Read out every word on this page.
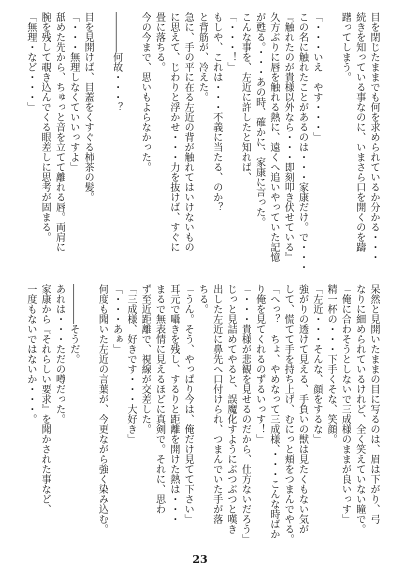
目を閉じたままでも何を求められているか分かる・・・
続きを知っている事なのに、いまさら口を開くのを躊
躇ってしまう。
「・・・いえ　やす・・・」
この名に触れたことがあるのは・・・家康だけ。で・・・
『触れたのが貴様以外なら・・・即刻叩き伏せている』
久方ぶりに唇を触れる熱に、遠くへ追いやっていた記憶
が甦る。・・・あの時、確かに、家康に言った。
こんな事を、左近に許したと知れば、
「・・・！」
もしや、これは・・・不義に当たる、のか？
と背筋が、冷えた。
急に、手の平に在る左近の背が触れてはいけないもの
に思えて、じわりと浮かせ・・・力を抜けば、すぐに
畳に落ちる。
今の今まで、思いもよらなかった。
――――何故・・・？
目を見開けば、目蓋をくすぐる柿茶の髪。
「・・・無理しなくていいっすよ」
舐めた先から、ちゅっと音を立てて離れる唇。両肩に
腕を残して覗き込んでくる眼差しに思考が固まる。
「無理・など・・・」
呆然と見開いたままの目に写るのは、眉は下がり、弓
なりに細められているけれど、全く笑えていない瞳で。
「俺に合わそうとしないで三成様のままが良いっす」
精一杯の・・・下手くそな、笑顔。
「左近・・・そんな、顔をするな」
強がりの透けて見える、手負いの獣は見たくもない気が
して、慌てて手を持ち上げ、むにっと頬をつまんでやる。
「へっ？　ちょ、やめなって三成様、・・・こんな時ばか
り俺を見てくれるのずるいっす！」
「・・・貴様が悲観を見せるのだから、仕方ないだろう」
じっと見詰めてやると、誤魔化すようにぶつぶつと嘆き
出した左近に鼻先へ口付けられ、つまんでいた手が落
ちる。
「うん。そう、やっぱり今は、俺だけ見てて下さい」
耳元で囁きを残し、するりと距離を開けた熱は・・・
まるで無表情に見えるほどに真剣で。それに、思わ
ず至近距離で、視線が交差した。
「三成様、好きです・・・大好き」
「・・・あぁ」
何度も聞いた左近の言葉が、今更ながら強く染み込む。
――――そうだ。
あれは・・・ただの噂だった。
家康から『それらしい要求』を聞かされた事など、
一度もないではないか・・・。
23
